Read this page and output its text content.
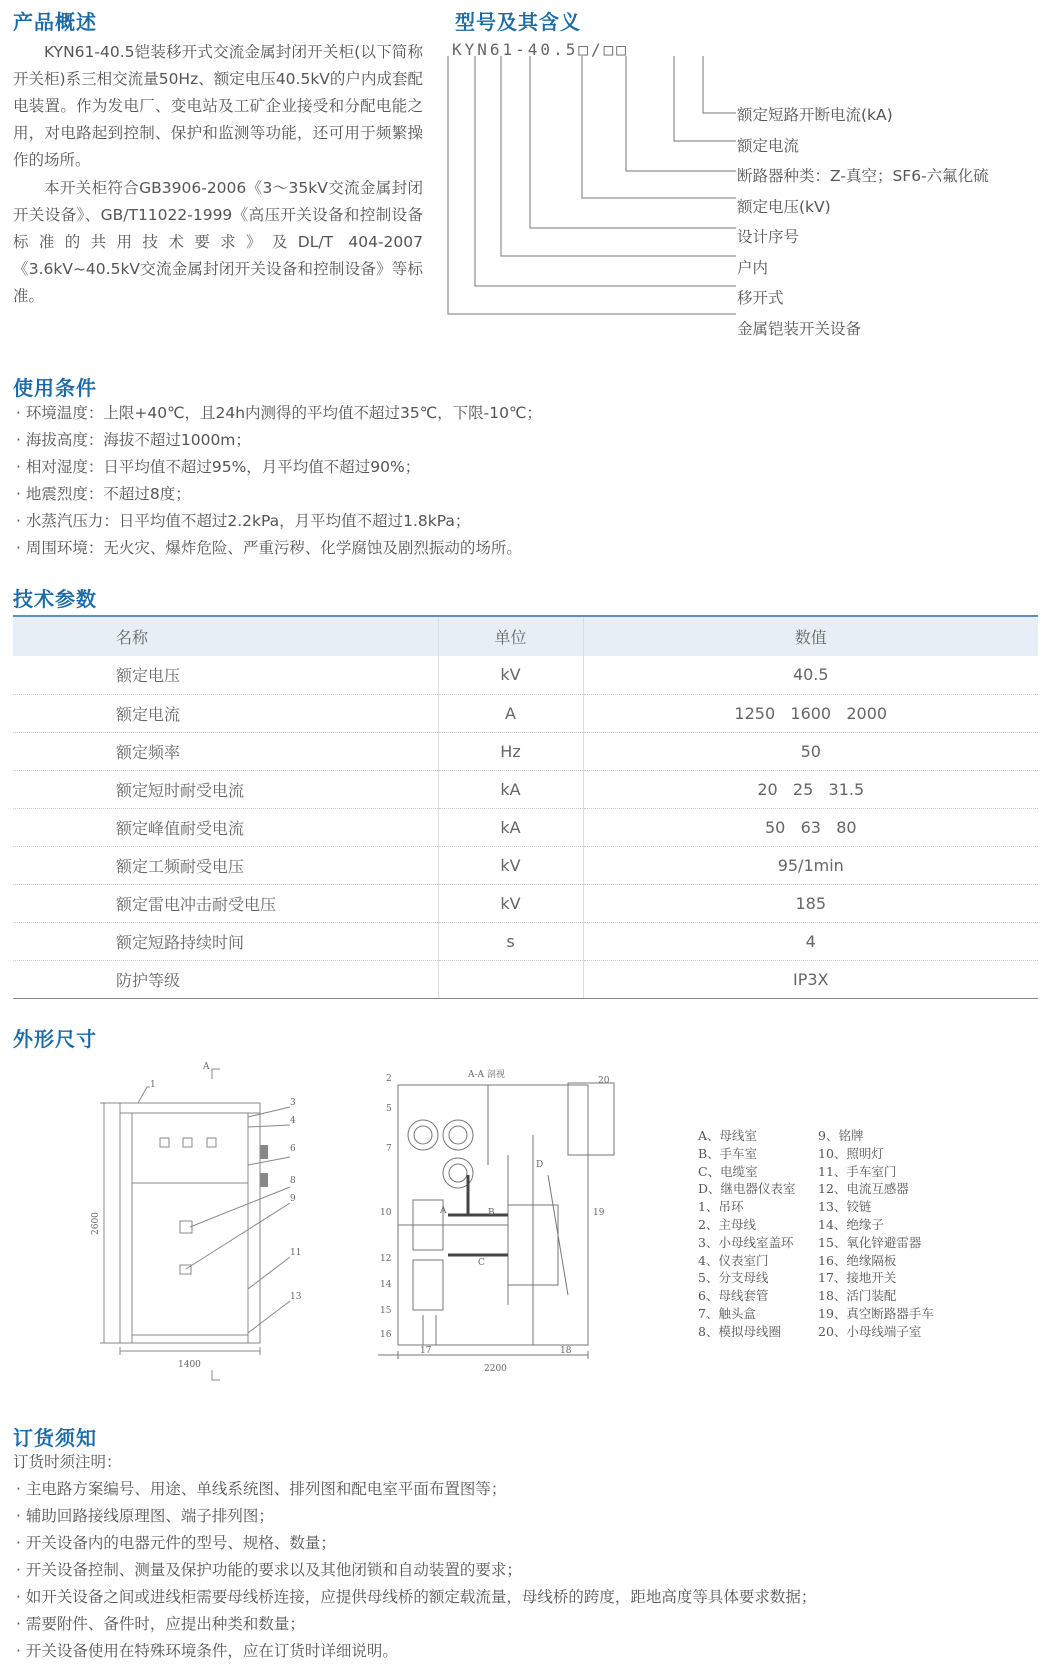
产品概述
KYN61-40.5铠装移开式交流金属封闭开关柜(以下简称开关柜)系三相交流量50Hz、额定电压40.5kV的户内成套配电装置。作为发电厂、变电站及工矿企业接受和分配电能之用，对电路起到控制、保护和监测等功能，还可用于频繁操作的场所。
本开关柜符合GB3906-2006《3～35kV交流金属封闭开关设备》、GB/T11022-1999《高压开关设备和控制设备标准的共用技术要求》及DL/T 404-2007《3.6kV~40.5kV交流金属封闭开关设备和控制设备》等标准。
型号及其含义
KYN61-40.5□/□□
额定短路开断电流(kA)
额定电流
断路器种类：Z-真空；SF6-六氟化硫
额定电压(kV)
设计序号
户内
移开式
金属铠装开关设备
使用条件
· 环境温度：上限+40℃，且24h内测得的平均值不超过35℃，下限-10℃；
· 海拔高度：海拔不超过1000m；
· 相对湿度：日平均值不超过95%，月平均值不超过90%；
· 地震烈度：不超过8度；
· 水蒸汽压力：日平均值不超过2.2kPa，月平均值不超过1.8kPa；
· 周围环境：无火灾、爆炸危险、严重污秽、化学腐蚀及剧烈振动的场所。
技术参数
名称	单位	数值
额定电压	kV	40.5
额定电流	A	1250   1600   2000
额定频率	Hz	50
额定短时耐受电流	kA	20   25   31.5
额定峰值耐受电流	kA	50   63   80
额定工频耐受电压	kV	95/1min
额定雷电冲击耐受电压	kV	185
额定短路持续时间	s	4
防护等级		IP3X
外形尺寸
1
A
3
4
6
8
9
11
13
2600
1400
A-A 剖视
A	B
C
D
2
5
7
10
12
14
15
16
17	18
19
20
2200
A、母线室	9、铭牌
B、手车室	10、照明灯
C、电缆室	11、手车室门
D、继电器仪表室	12、电流互感器
1、吊环	13、铰链
2、主母线	14、绝缘子
3、小母线室盖环	15、氧化锌避雷器
4、仪表室门	16、绝缘隔板
5、分支母线	17、接地开关
6、母线套管	18、活门装配
7、触头盒	19、真空断路器手车
8、模拟母线圈	20、小母线端子室
订货须知
订货时须注明：
· 主电路方案编号、用途、单线系统图、排列图和配电室平面布置图等；
· 辅助回路接线原理图、端子排列图；
· 开关设备内的电器元件的型号、规格、数量；
· 开关设备控制、测量及保护功能的要求以及其他闭锁和自动装置的要求；
· 如开关设备之间或进线柜需要母线桥连接，应提供母线桥的额定载流量，母线桥的跨度，距地高度等具体要求数据；
· 需要附件、备件时，应提出种类和数量；
· 开关设备使用在特殊环境条件，应在订货时详细说明。
